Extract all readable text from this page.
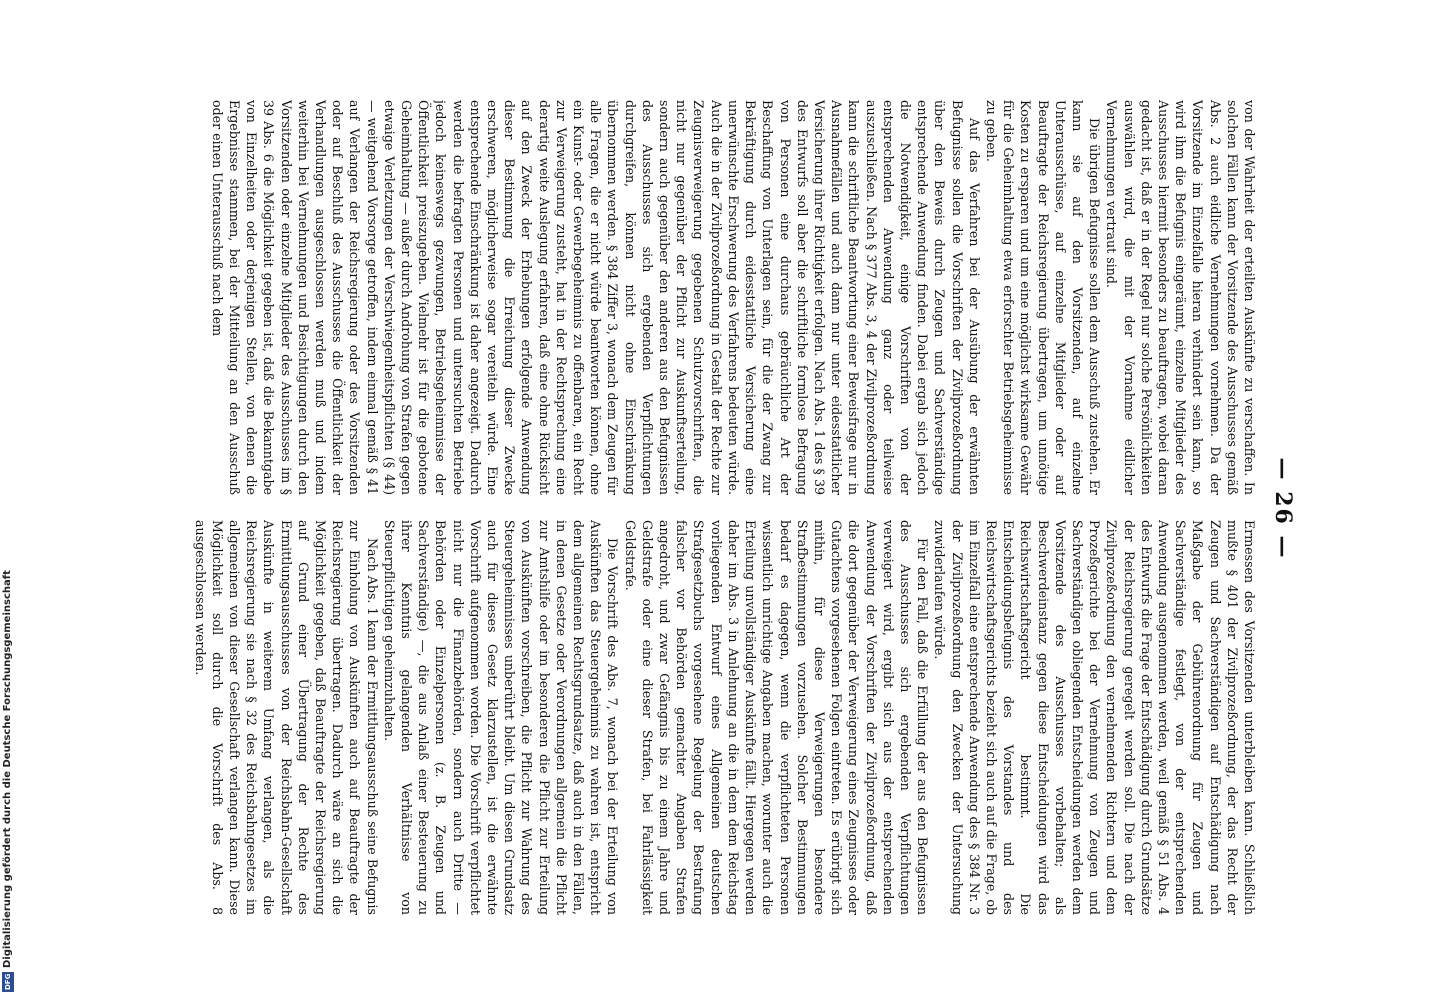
— 26 —

von der Wahrheit der erteilten Auskünfte zu verschaffen. In solchen Fällen kann der Vorsitzende des Ausschusses gemäß Abs. 2 auch eidliche Vernehmungen vornehmen. Da der Vorsitzende im Einzelfalle hieran verhindert sein kann, so wird ihm die Befugnis eingeräumt, einzelne Mitglieder des Ausschusses hiermit besonders zu beauftragen, wobei daran gedacht ist, daß er in der Regel nur solche Persönlichkeiten auswählen wird, die mit der Vornahme eidlicher Vernehmungen vertraut sind.

Die übrigen Befugnisse sollen dem Ausschuß zustehen. Er kann sie auf den Vorsitzenden, auf einzelne Unterausschüsse, auf einzelne Mitglieder oder auf Beauftragte der Reichsregierung übertragen, um unnötige Kosten zu ersparen und um eine möglichst wirksame Gewähr für die Geheimhaltung etwa erforschter Betriebsgeheimnisse zu geben.

Auf das Verfahren bei der Ausübung der erwähnten Befugnisse sollen die Vorschriften der Zivilprozeßordnung über den Beweis durch Zeugen und Sachverständige entsprechende Anwendung finden. Dabei ergab sich jedoch die Notwendigkeit, einige Vorschriften von der entsprechenden Anwendung ganz oder teilweise auszuschließen. Nach § 377 Abs. 3, 4 der Zivilprozeßordnung kann die schriftliche Beantwortung einer Beweisfrage nur in Ausnahmefällen und auch dann nur unter eidesstattlicher Versicherung ihrer Richtigkeit erfolgen. Nach Abs. 1 des § 39 des Entwurfs soll aber die schriftliche formlose Befragung von Personen eine durchaus gebräuchliche Art der Beschaffung von Unterlagen sein, für die der Zwang zur Bekräftigung durch eidesstattliche Versicherung eine unerwünschte Erschwerung des Verfahrens bedeuten würde. Auch die in der Zivilprozeßordnung in Gestalt der Rechte zur Zeugnisverweigerung gegebenen Schutzvorschriften, die nicht nur gegenüber der Pflicht zur Auskunftserteilung, sondern auch gegenüber den anderen aus den Befugnissen des Ausschusses sich ergebenden Verpflichtungen durchgreifen, können nicht ohne Einschränkung übernommen werden. § 384 Ziffer 3, wonach dem Zeugen für alle Fragen, die er nicht würde beantworten können, ohne ein Kunst- oder Gewerbegeheimnis zu offenbaren, ein Recht zur Verweigerung zusteht, hat in der Rechtsprechung eine derartig weite Auslegung erfahren, daß eine ohne Rücksicht auf den Zweck der Erhebungen erfolgende Anwendung dieser Bestimmung die Erreichung dieser Zwecke erschweren, möglicherweise sogar vereiteln würde. Eine entsprechende Einschränkung ist daher angezeigt. Dadurch werden die befragten Personen und untersuchten Betriebe jedoch keineswegs gezwungen, Betriebsgeheimnisse der Öffentlichkeit preiszugeben. Vielmehr ist für die gebotene Geheimhaltung — außer durch Androhung von Strafen gegen etwaige Verletzungen der Verschwiegenheitspflichten (§ 44) — weitgehend Vorsorge getroffen, indem einmal gemäß § 41 auf Verlangen der Reichsregierung oder des Vorsitzenden oder auf Beschluß des Ausschusses die Öffentlichkeit der Verhandlungen ausgeschlossen werden muß und indem weiterhin bei Vernehmungen und Besichtigungen durch den Vorsitzenden oder einzelne Mitglieder des Ausschusses im § 39 Abs. 6 die Möglichkeit gegeben ist, daß die Bekanntgabe von Einzelheiten oder derjenigen Stellen, von denen die Ergebnisse stammen, bei der Mitteilung an den Ausschuß oder einen Unterausschuß nach dem

Ermessen des Vorsitzenden unterbleiben kann. Schließlich mußte § 401 der Zivilprozeßordnung, der das Recht der Zeugen und Sachverständigen auf Entschädigung nach Maßgabe der Gebührenordnung für Zeugen und Sachverständige festlegt, von der entsprechenden Anwendung ausgenommen werden, weil gemäß § 51 Abs. 4 des Entwurfs die Frage der Entschädigung durch Grundsätze der Reichsregierung geregelt werden soll. Die nach der Zivilprozeßordnung den vernehmenden Richtern und dem Prozeßgerichte bei der Vernehmung von Zeugen und Sachverständigen obliegenden Entscheidungen werden dem Vorsitzende des Ausschusses vorbehalten; als Beschwerdeinstanz gegen diese Entscheidungen wird das Reichswirtschaftsgericht bestimmt. Die Entscheidungsbefugnis des Vorstandes und des Reichswirtschaftsgerichts bezieht sich auch auf die Frage, ob im Einzelfall eine entsprechende Anwendung des § 384 Nr. 3 der Zivilprozeßordnung den Zwecken der Untersuchung zuwiderlaufen würde.

Für den Fall, daß die Erfüllung der aus den Befugnissen des Ausschusses sich ergebenden Verpflichtungen verweigert wird, ergibt sich aus der entsprechenden Anwendung der Vorschriften der Zivilprozeßordnung, daß die dort gegenüber der Verweigerung eines Zeugnisses oder Gutachtens vorgesehenen Folgen eintreten. Es erübrigt sich mithin, für diese Verweigerungen besondere Strafbestimmungen vorzusehen. Solcher Bestimmungen bedarf es dagegen, wenn die verpflichteten Personen wissentlich unrichtige Angaben machen, worunter auch die Erteilung unvollständiger Auskünfte fällt. Hiergegen werden daher im Abs. 3 in Anlehnung an die in dem dem Reichstag vorliegenden Entwurf eines Allgemeinen deutschen Strafgesetzbuchs vorgesehene Regelung der Bestrafung falscher vor Behörden gemachter Angaben Strafen angedroht, und zwar Gefängnis bis zu einem Jahre und Geldstrafe oder eine dieser Strafen, bei Fahrlässigkeit Geldstrafe.

Die Vorschrift des Abs. 7, wonach bei der Erteilung von Auskünften das Steuergeheimnis zu wahren ist, entspricht dem allgemeinen Rechtsgrundsatze, daß auch in den Fällen, in denen Gesetze oder Verordnungen allgemein die Pflicht zur Amtshilfe oder im besonderen die Pflicht zur Erteilung von Auskünften vorschreiben, die Pflicht zur Wahrung des Steuergeheimnisses unberührt bleibt. Um diesen Grundsatz auch für dieses Gesetz klarzustellen, ist die erwähnte Vorschrift aufgenommen worden. Die Vorschrift verpflichtet nicht nur die Finanzbehörden, sondern auch Dritte — Behörden oder Einzelpersonen (z. B. Zeugen und Sachverständige) —, die aus Anlaß einer Besteuerung zu ihrer Kenntnis gelangenden Verhältnisse von Steuerpflichtigen geheimzuhalten.

Nach Abs. 1 kann der Ermittlungsausschuß seine Befugnis zur Einholung von Auskünften auch auf Beauftragte der Reichsregierung übertragen. Dadurch wäre an sich die Möglichkeit gegeben, daß Beauftragte der Reichsregierung auf Grund einer Übertragung der Rechte des Ermittlungsausschusses von der Reichsbahn-Gesellschaft Auskünfte in weiterem Umfang verlangen, als die Reichsregierung sie nach § 32 des Reichsbahngesetzes im allgemeinen von dieser Gesellschaft verlangen kann. Diese Möglichkeit soll durch die Vorschrift des Abs. 8 ausgeschlossen werden.

Digitalisierung gefördert durch die Deutsche Forschungsgemeinschaft
DFG
